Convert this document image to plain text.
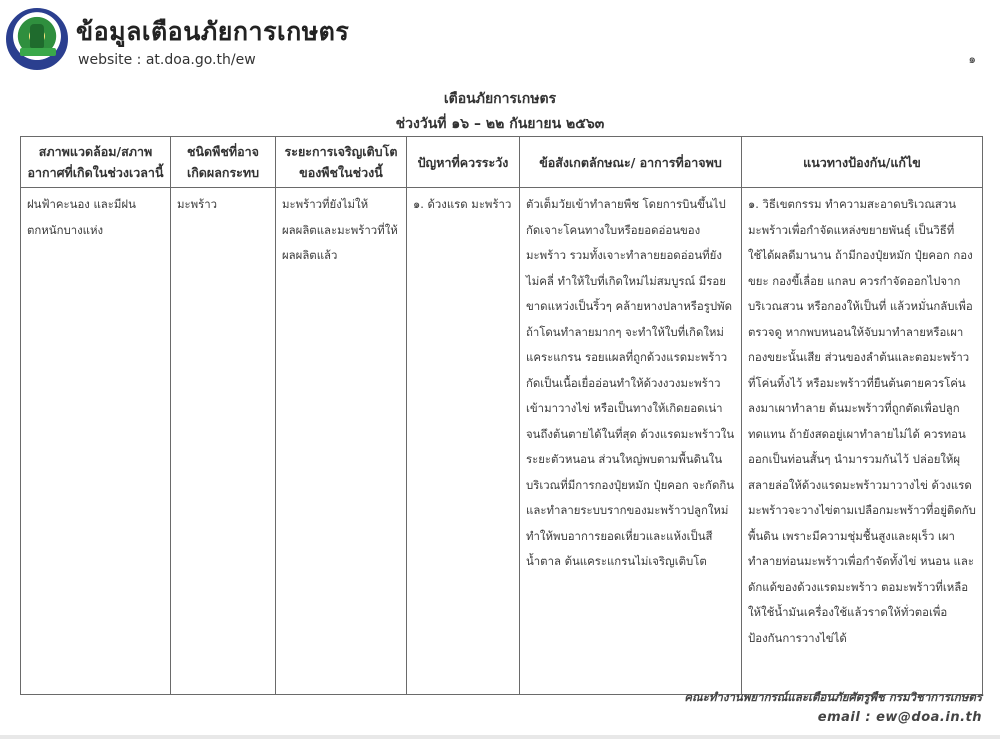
ข้อมูลเตือนภัยการเกษตร
website : at.doa.go.th/ew	๑
เตือนภัยการเกษตร
ช่วงวันที่ ๑๖ – ๒๒ กันยายน ๒๕๖๓
สภาพแวดล้อม/สภาพ อากาศที่เกิดในช่วงเวลานี้	ชนิดพืชที่อาจ เกิดผลกระทบ	ระยะการเจริญเติบโต ของพืชในช่วงนี้	ปัญหาที่ควรระวัง	ข้อสังเกตลักษณะ/ อาการที่อาจพบ	แนวทางป้องกัน/แก้ไข
ฝนฟ้าคะนอง และมีฝนตกหนักบางแห่ง	มะพร้าว	มะพร้าวที่ยังไม่ให้ผลผลิตและมะพร้าวที่ให้ผลผลิตแล้ว	๑. ด้วงแรด มะพร้าว	ตัวเต็มวัยเข้าทำลายพืช โดยการบินขึ้นไปกัดเจาะโคนทางใบหรือยอดอ่อนของมะพร้าว รวมทั้งเจาะทำลายยอดอ่อนที่ยังไม่คลี่ ทำให้ใบที่เกิดใหม่ไม่สมบูรณ์ มีรอยขาดแหว่งเป็นริ้วๆ คล้ายหางปลาหรือรูปพัด ถ้าโดนทำลายมากๆ จะทำให้ใบที่เกิดใหม่แคระแกรน รอยแผลที่ถูกด้วงแรดมะพร้าวกัดเป็นเนื้อเยื่ออ่อนทำให้ด้วงงวงมะพร้าวเข้ามาวางไข่ หรือเป็นทางให้เกิดยอดเน่า จนถึงต้นตายได้ในที่สุด ด้วงแรดมะพร้าวในระยะตัวหนอน ส่วนใหญ่พบตามพื้นดินในบริเวณที่มีการกองปุ๋ยหมัก ปุ๋ยคอก จะกัดกินและทำลายระบบรากของมะพร้าวปลูกใหม่ ทำให้พบอาการยอดเหี่ยวและแห้งเป็นสีน้ำตาล ต้นแคระแกรนไม่เจริญเติบโต	๑. วิธีเขตกรรม ทำความสะอาดบริเวณสวนมะพร้าวเพื่อกำจัดแหล่งขยายพันธุ์ เป็นวิธีที่ใช้ได้ผลดีมานาน ถ้ามีกองปุ๋ยหมัก ปุ๋ยคอก กองขยะ กองขี้เลื่อย แกลบ ควรกำจัดออกไปจากบริเวณสวน หรือกองให้เป็นที่ แล้วหมั่นกลับเพื่อตรวจดู หากพบหนอนให้จับมาทำลายหรือเผากองขยะนั้นเสีย ส่วนของลำต้นและตอมะพร้าวที่โค่นทิ้งไว้ หรือมะพร้าวที่ยืนต้นตายควรโค่นลงมาเผาทำลาย ต้นมะพร้าวที่ถูกตัดเพื่อปลูกทดแทน ถ้ายังสดอยู่เผาทำลายไม่ได้ ควรทอนออกเป็นท่อนสั้นๆ นำมารวมกันไว้ ปล่อยให้ผุสลายล่อให้ด้วงแรดมะพร้าวมาวางไข่ ด้วงแรดมะพร้าวจะวางไข่ตามเปลือกมะพร้าวที่อยู่ติดกับพื้นดิน เพราะมีความชุ่มชื้นสูงและผุเร็ว เผาทำลายท่อนมะพร้าวเพื่อกำจัดทั้งไข่ หนอน และดักแด้ของด้วงแรดมะพร้าว ตอมะพร้าวที่เหลือให้ใช้น้ำมันเครื่องใช้แล้วราดให้ทั่วตอเพื่อป้องกันการวางไข่ได้
คณะทำงานพยากรณ์และเตือนภัยศัตรูพืช กรมวิชาการเกษตร
email : ew@doa.in.th
